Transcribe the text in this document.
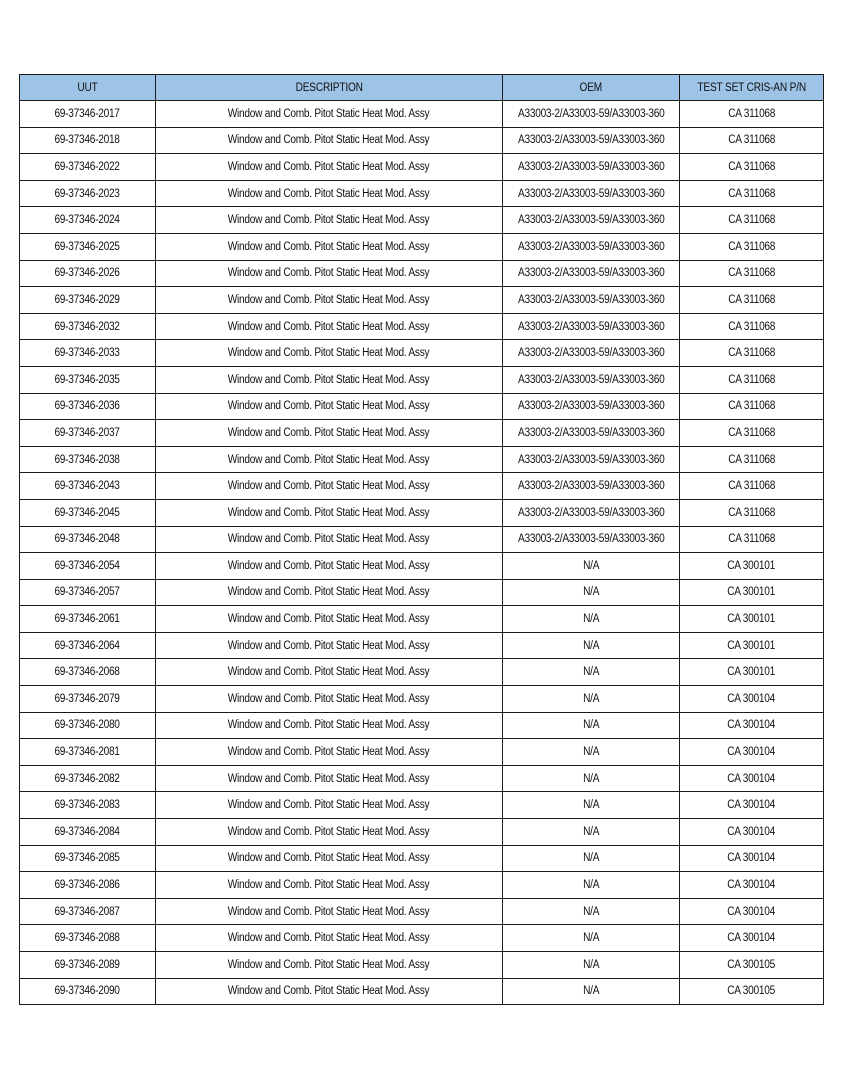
UUT	DESCRIPTION	OEM	TEST SET CRIS-AN P/N
69-37346-2017	Window and Comb. Pitot Static Heat Mod. Assy	A33003-2/A33003-59/A33003-360	CA 311068
69-37346-2018	Window and Comb. Pitot Static Heat Mod. Assy	A33003-2/A33003-59/A33003-360	CA 311068
69-37346-2022	Window and Comb. Pitot Static Heat Mod. Assy	A33003-2/A33003-59/A33003-360	CA 311068
69-37346-2023	Window and Comb. Pitot Static Heat Mod. Assy	A33003-2/A33003-59/A33003-360	CA 311068
69-37346-2024	Window and Comb. Pitot Static Heat Mod. Assy	A33003-2/A33003-59/A33003-360	CA 311068
69-37346-2025	Window and Comb. Pitot Static Heat Mod. Assy	A33003-2/A33003-59/A33003-360	CA 311068
69-37346-2026	Window and Comb. Pitot Static Heat Mod. Assy	A33003-2/A33003-59/A33003-360	CA 311068
69-37346-2029	Window and Comb. Pitot Static Heat Mod. Assy	A33003-2/A33003-59/A33003-360	CA 311068
69-37346-2032	Window and Comb. Pitot Static Heat Mod. Assy	A33003-2/A33003-59/A33003-360	CA 311068
69-37346-2033	Window and Comb. Pitot Static Heat Mod. Assy	A33003-2/A33003-59/A33003-360	CA 311068
69-37346-2035	Window and Comb. Pitot Static Heat Mod. Assy	A33003-2/A33003-59/A33003-360	CA 311068
69-37346-2036	Window and Comb. Pitot Static Heat Mod. Assy	A33003-2/A33003-59/A33003-360	CA 311068
69-37346-2037	Window and Comb. Pitot Static Heat Mod. Assy	A33003-2/A33003-59/A33003-360	CA 311068
69-37346-2038	Window and Comb. Pitot Static Heat Mod. Assy	A33003-2/A33003-59/A33003-360	CA 311068
69-37346-2043	Window and Comb. Pitot Static Heat Mod. Assy	A33003-2/A33003-59/A33003-360	CA 311068
69-37346-2045	Window and Comb. Pitot Static Heat Mod. Assy	A33003-2/A33003-59/A33003-360	CA 311068
69-37346-2048	Window and Comb. Pitot Static Heat Mod. Assy	A33003-2/A33003-59/A33003-360	CA 311068
69-37346-2054	Window and Comb. Pitot Static Heat Mod. Assy	N/A	CA 300101
69-37346-2057	Window and Comb. Pitot Static Heat Mod. Assy	N/A	CA 300101
69-37346-2061	Window and Comb. Pitot Static Heat Mod. Assy	N/A	CA 300101
69-37346-2064	Window and Comb. Pitot Static Heat Mod. Assy	N/A	CA 300101
69-37346-2068	Window and Comb. Pitot Static Heat Mod. Assy	N/A	CA 300101
69-37346-2079	Window and Comb. Pitot Static Heat Mod. Assy	N/A	CA 300104
69-37346-2080	Window and Comb. Pitot Static Heat Mod. Assy	N/A	CA 300104
69-37346-2081	Window and Comb. Pitot Static Heat Mod. Assy	N/A	CA 300104
69-37346-2082	Window and Comb. Pitot Static Heat Mod. Assy	N/A	CA 300104
69-37346-2083	Window and Comb. Pitot Static Heat Mod. Assy	N/A	CA 300104
69-37346-2084	Window and Comb. Pitot Static Heat Mod. Assy	N/A	CA 300104
69-37346-2085	Window and Comb. Pitot Static Heat Mod. Assy	N/A	CA 300104
69-37346-2086	Window and Comb. Pitot Static Heat Mod. Assy	N/A	CA 300104
69-37346-2087	Window and Comb. Pitot Static Heat Mod. Assy	N/A	CA 300104
69-37346-2088	Window and Comb. Pitot Static Heat Mod. Assy	N/A	CA 300104
69-37346-2089	Window and Comb. Pitot Static Heat Mod. Assy	N/A	CA 300105
69-37346-2090	Window and Comb. Pitot Static Heat Mod. Assy	N/A	CA 300105
